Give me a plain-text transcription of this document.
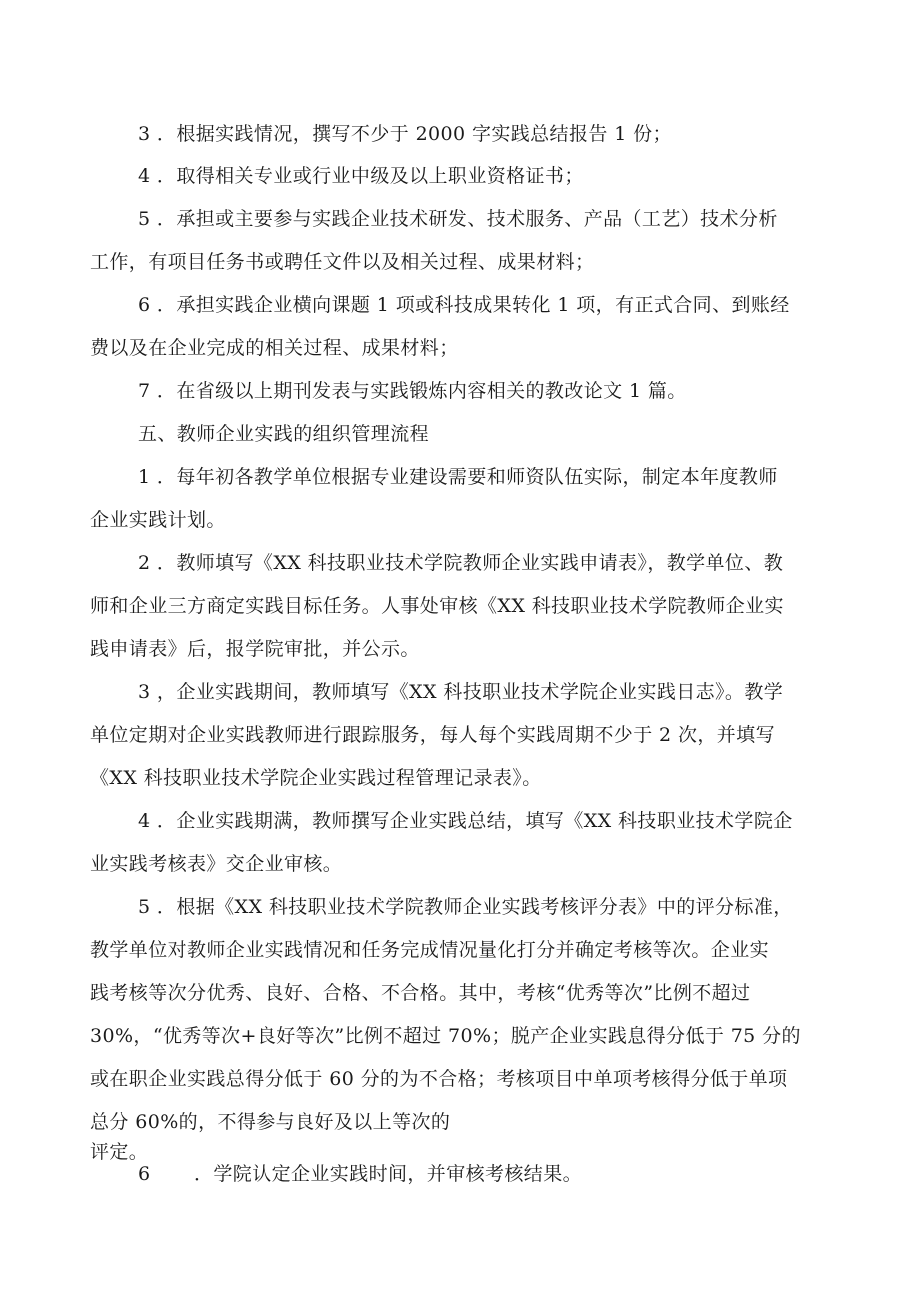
3 ．根据实践情况，撰写不少于 2000 字实践总结报告 1 份；
4 ．取得相关专业或行业中级及以上职业资格证书；
5 ．承担或主要参与实践企业技术研发、技术服务、产品（工艺）技术分析
工作，有项目任务书或聘任文件以及相关过程、成果材料；
6 ．承担实践企业横向课题 1 项或科技成果转化 1 项，有正式合同、到账经
费以及在企业完成的相关过程、成果材料；
7 ．在省级以上期刊发表与实践锻炼内容相关的教改论文 1 篇。
五、教师企业实践的组织管理流程
1 ．每年初各教学单位根据专业建设需要和师资队伍实际，制定本年度教师
企业实践计划。
2 ．教师填写《XX 科技职业技术学院教师企业实践申请表》，教学单位、教
师和企业三方商定实践目标任务。人事处审核《XX 科技职业技术学院教师企业实
践申请表》后，报学院审批，并公示。
3 ，企业实践期间，教师填写《XX 科技职业技术学院企业实践日志》。教学
单位定期对企业实践教师进行跟踪服务，每人每个实践周期不少于 2 次，并填写
《XX 科技职业技术学院企业实践过程管理记录表》。
4 ．企业实践期满，教师撰写企业实践总结，填写《XX 科技职业技术学院企
业实践考核表》交企业审核。
5 ．根据《XX 科技职业技术学院教师企业实践考核评分表》中的评分标准，
教学单位对教师企业实践情况和任务完成情况量化打分并确定考核等次。企业实
践考核等次分优秀、良好、合格、不合格。其中，考核“优秀等次”比例不超过
30%，“优秀等次+良好等次”比例不超过 70%；脱产企业实践息得分低于 75 分的
或在职企业实践总得分低于 60 分的为不合格；考核项目中单项考核得分低于单项
总分 60%的，不得参与良好及以上等次的
评定。
6 ．学院认定企业实践时间，并审核考核结果。
